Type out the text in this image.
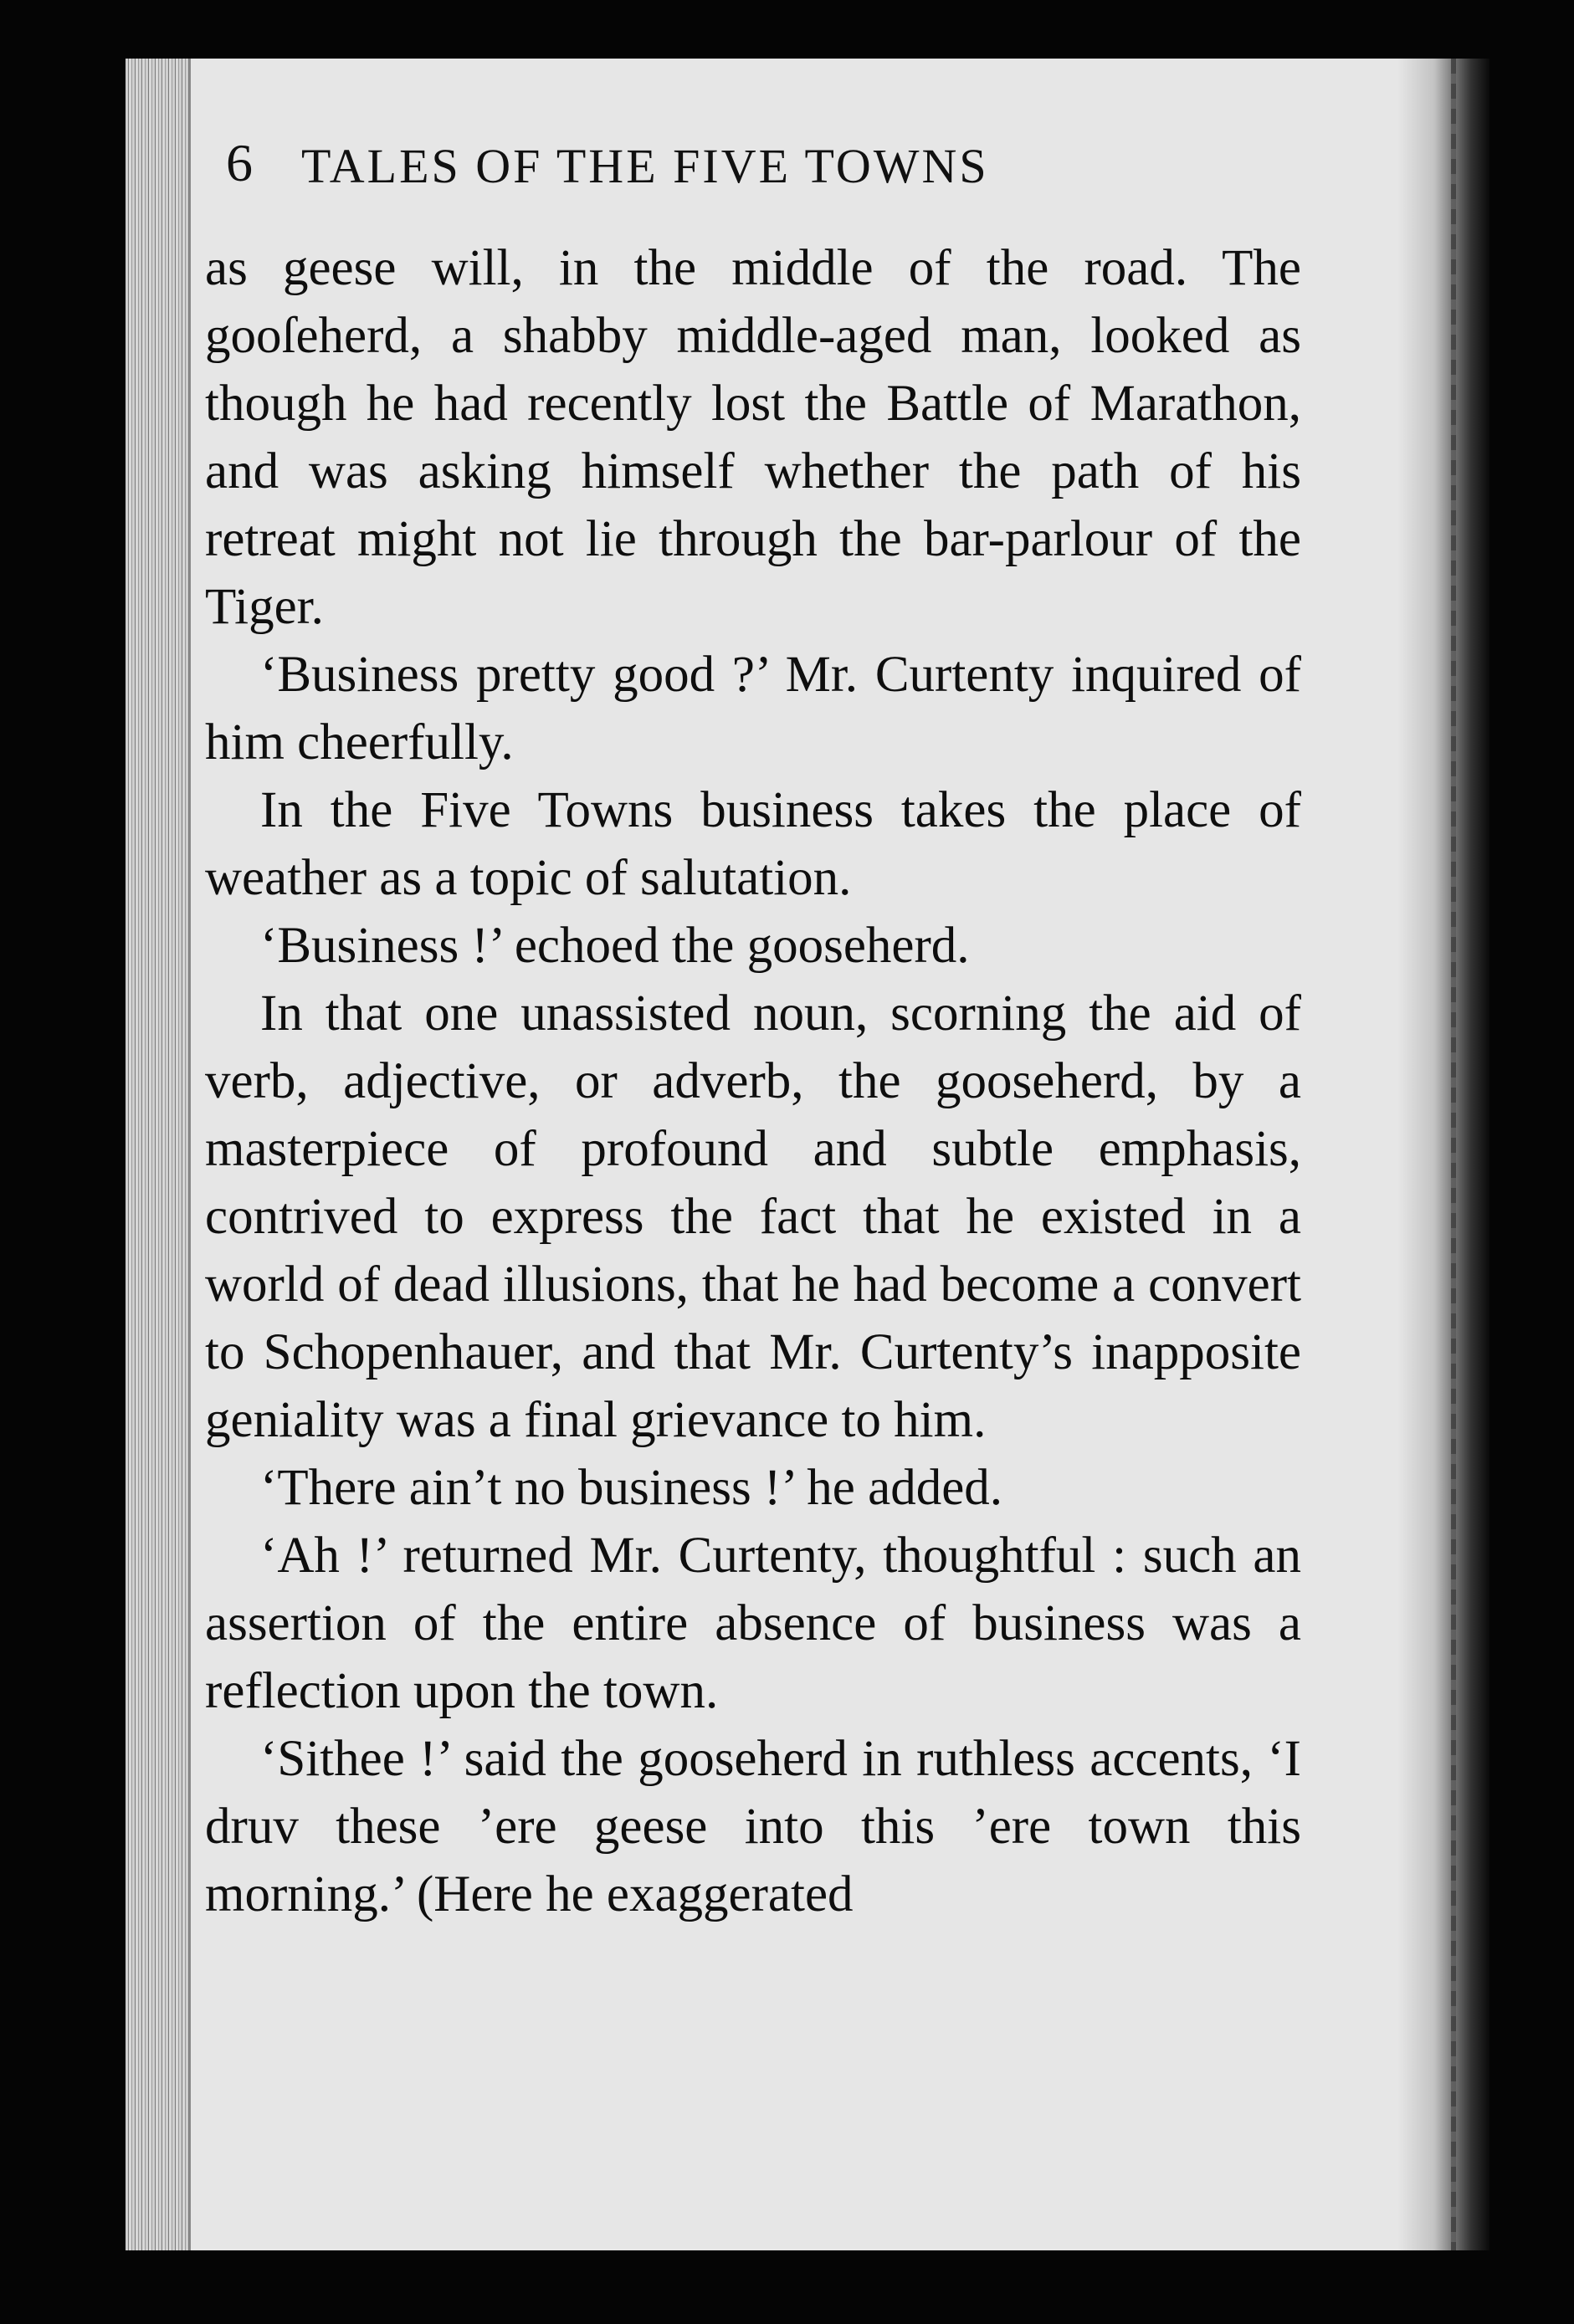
6 TALES OF THE FIVE TOWNS

as geese will, in the middle of the road. The gooſeherd, a shabby middle-aged man, looked as though he had recently lost the Battle of Marathon, and was asking himself whether the path of his retreat might not lie through the bar-parlour of the Tiger.

‘Business pretty good ?’ Mr. Curtenty inquired of him cheerfully.

In the Five Towns business takes the place of weather as a topic of salutation.

‘Business !’ echoed the gooseherd.

In that one unassisted noun, scorning the aid of verb, adjective, or adverb, the gooseherd, by a masterpiece of profound and subtle emphasis, contrived to express the fact that he existed in a world of dead illusions, that he had become a convert to Schopenhauer, and that Mr. Curtenty’s inapposite geniality was a final grievance to him.

‘There ain’t no business !’ he added.

‘Ah !’ returned Mr. Curtenty, thoughtful : such an assertion of the entire absence of business was a reflection upon the town.

‘Sithee !’ said the gooseherd in ruthless accents, ‘I druv these ’ere geese into this ’ere town this morning.’ (Here he exaggerated
